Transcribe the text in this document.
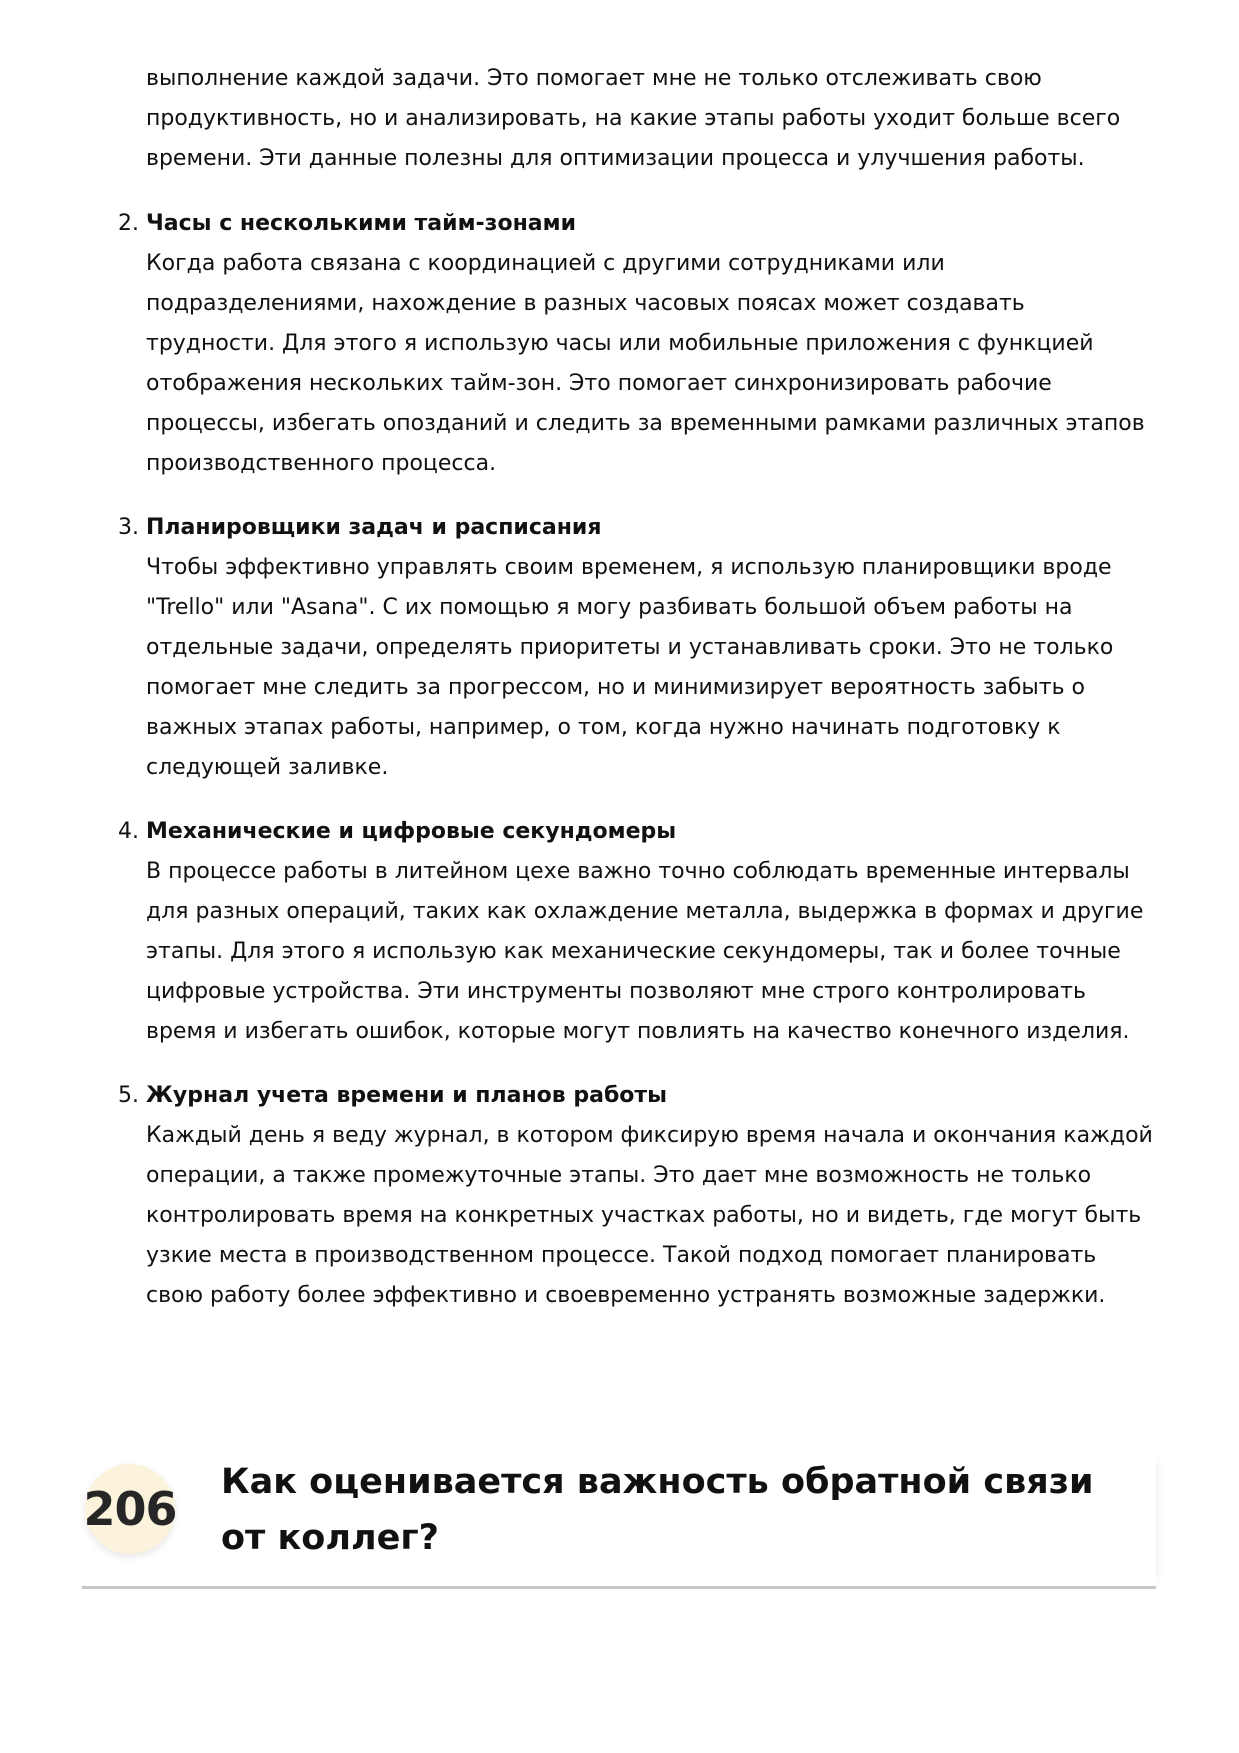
выполнение каждой задачи. Это помогает мне не только отслеживать свою продуктивность, но и анализировать, на какие этапы работы уходит больше всего времени. Эти данные полезны для оптимизации процесса и улучшения работы.

2. Часы с несколькими тайм-зонами
Когда работа связана с координацией с другими сотрудниками или подразделениями, нахождение в разных часовых поясах может создавать трудности. Для этого я использую часы или мобильные приложения с функцией отображения нескольких тайм-зон. Это помогает синхронизировать рабочие процессы, избегать опозданий и следить за временными рамками различных этапов производственного процесса.
3. Планировщики задач и расписания
Чтобы эффективно управлять своим временем, я использую планировщики вроде "Trello" или "Asana". С их помощью я могу разбивать большой объем работы на отдельные задачи, определять приоритеты и устанавливать сроки. Это не только помогает мне следить за прогрессом, но и минимизирует вероятность забыть о важных этапах работы, например, о том, когда нужно начинать подготовку к следующей заливке.
4. Механические и цифровые секундомеры
В процессе работы в литейном цехе важно точно соблюдать временные интервалы для разных операций, таких как охлаждение металла, выдержка в формах и другие этапы. Для этого я использую как механические секундомеры, так и более точные цифровые устройства. Эти инструменты позволяют мне строго контролировать время и избегать ошибок, которые могут повлиять на качество конечного изделия.
5. Журнал учета времени и планов работы
Каждый день я веду журнал, в котором фиксирую время начала и окончания каждой операции, а также промежуточные этапы. Это дает мне возможность не только контролировать время на конкретных участках работы, но и видеть, где могут быть узкие места в производственном процессе. Такой подход помогает планировать свою работу более эффективно и своевременно устранять возможные задержки.
206 Как оценивается важность обратной связи от коллег?
